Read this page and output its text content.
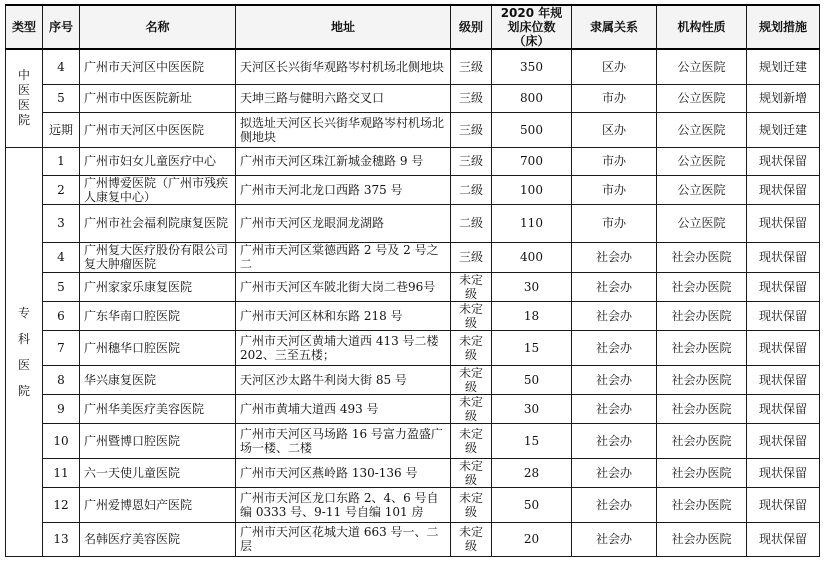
类型	序号	名称	地址	级别	2020 年规划床位数（床）	隶属关系	机构性质	规划措施
中医医院	4	广州市天河区中医医院	天河区长兴街华观路岑村机场北侧地块	三级	350	区办	公立医院	规划迁建
	5	广州市中医医院新址	天坤三路与健明六路交叉口	三级	800	市办	公立医院	规划新增
	远期	广州市天河区中医医院	拟选址天河区长兴街华观路岑村机场北侧地块	三级	500	区办	公立医院	规划迁建
专科医院	1	广州市妇女儿童医疗中心	广州市天河区珠江新城金穗路 9 号	三级	700	市办	公立医院	现状保留
	2	广州博爱医院（广州市残疾人康复中心）	广州市天河北龙口西路 375 号	二级	100	市办	公立医院	现状保留
	3	广州市社会福利院康复医院	广州市天河区龙眼洞龙湖路	二级	110	市办	公立医院	现状保留
	4	广州复大医疗股份有限公司复大肿瘤医院	广州市天河区棠德西路 2 号及 2 号之二	三级	400	社会办	社会办医院	现状保留
	5	广州家家乐康复医院	广州市天河区车陂北街大岗二巷96号	未定级	30	社会办	社会办医院	现状保留
	6	广东华南口腔医院	广州市天河区林和东路 218 号	未定级	18	社会办	社会办医院	现状保留
	7	广州穗华口腔医院	广州市天河区黄埔大道西 413 号二楼 202、三至五楼；	未定级	15	社会办	社会办医院	现状保留
	8	华兴康复医院	天河区沙太路牛利岗大街 85 号	未定级	50	社会办	社会办医院	现状保留
	9	广州华美医疗美容医院	广州市黄埔大道西 493 号	未定级	30	社会办	社会办医院	现状保留
	10	广州暨博口腔医院	广州市天河区马场路 16 号富力盈盛广场一楼、二楼	未定级	15	社会办	社会办医院	现状保留
	11	六一天使儿童医院	广州市天河区燕岭路 130-136 号	未定级	28	社会办	社会办医院	现状保留
	12	广州爱博恩妇产医院	广州市天河区龙口东路 2、4、6 号自编 0333 号、9-11 号自编 101 房	未定级	50	社会办	社会办医院	现状保留
	13	名韩医疗美容医院	广州市天河区花城大道 663 号一、二层	未定级	20	社会办	社会办医院	现状保留
